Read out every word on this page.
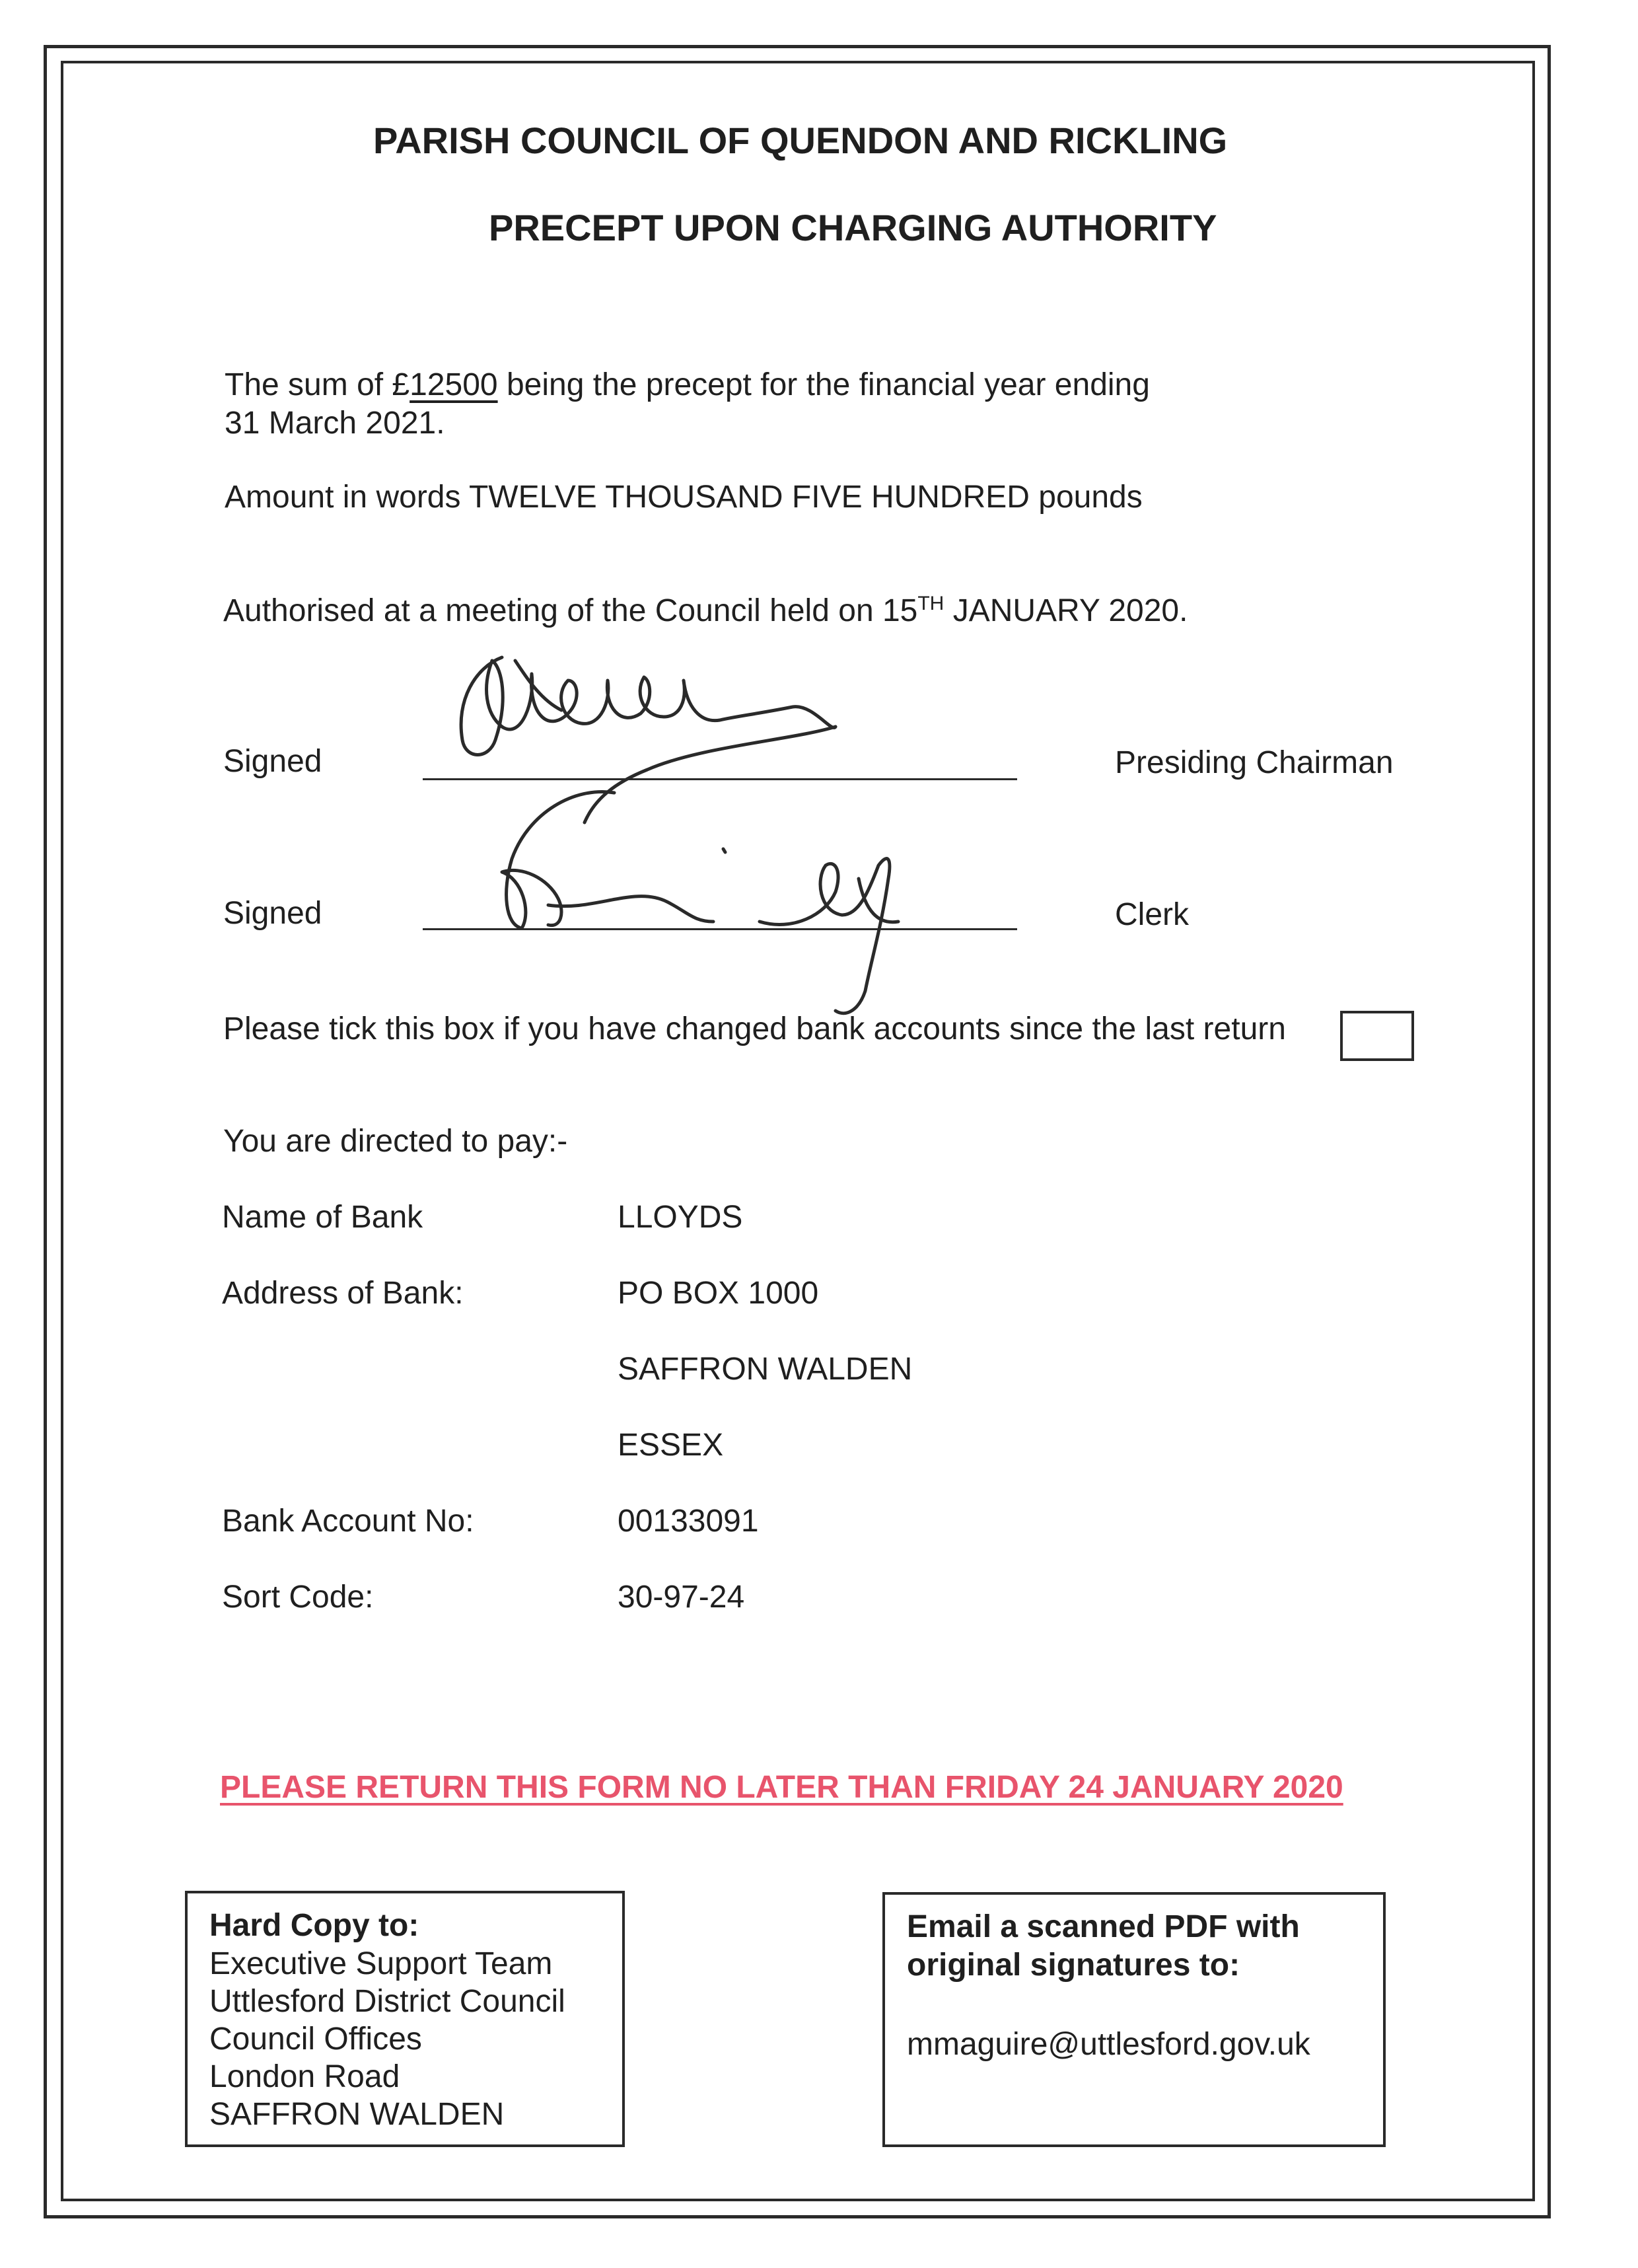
PARISH COUNCIL OF QUENDON AND RICKLING
PRECEPT UPON CHARGING AUTHORITY
The sum of £12500 being the precept for the financial year ending
31 March 2021.
Amount in words TWELVE THOUSAND FIVE HUNDRED pounds
Authorised at a meeting of the Council held on 15TH JANUARY 2020.
Signed	Presiding Chairman
Signed	Clerk
Please tick this box if you have changed bank accounts since the last return
You are directed to pay:-
Name of Bank	LLOYDS
Address of Bank:	PO BOX 1000
SAFFRON WALDEN
ESSEX
Bank Account No:	00133091
Sort Code:	30-97-24
PLEASE RETURN THIS FORM NO LATER THAN FRIDAY 24 JANUARY 2020
Hard Copy to:
Executive Support Team
Uttlesford District Council
Council Offices
London Road
SAFFRON WALDEN
Email a scanned PDF with
original signatures to:
mmaguire@uttlesford.gov.uk
